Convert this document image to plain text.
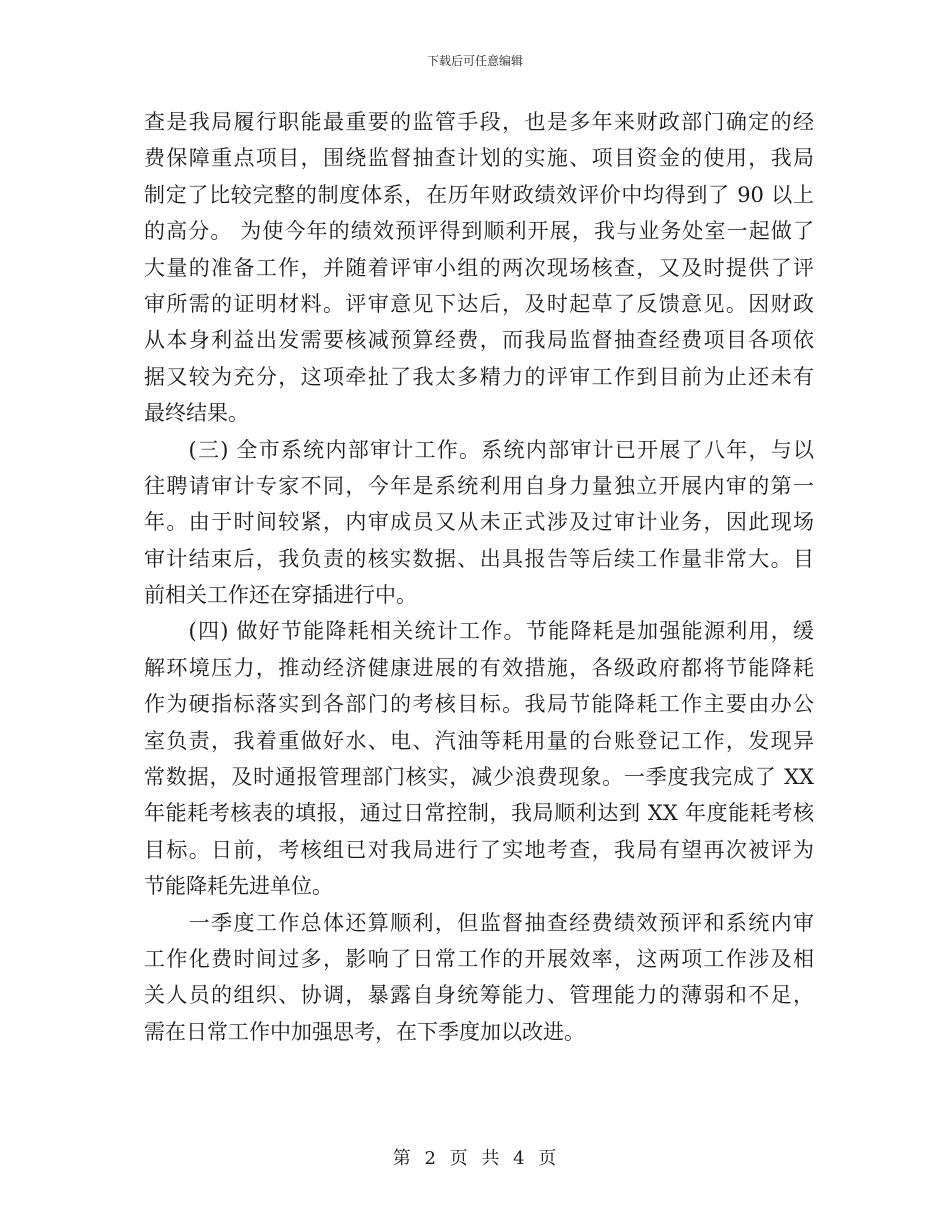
下载后可任意编辑
查是我局履行职能最重要的监管手段，也是多年来财政部门确定的经
费保障重点项目，围绕监督抽查计划的实施、项目资金的使用，我局
制定了比较完整的制度体系，在历年财政绩效评价中均得到了 90 以上
的高分。 为使今年的绩效预评得到顺利开展，我与业务处室一起做了
大量的准备工作，并随着评审小组的两次现场核查，又及时提供了评
审所需的证明材料。评审意见下达后，及时起草了反馈意见。因财政
从本身利益出发需要核减预算经费，而我局监督抽查经费项目各项依
据又较为充分，这项牵扯了我太多精力的评审工作到目前为止还未有
最终结果。
　　(三) 全市系统内部审计工作。系统内部审计已开展了八年，与以
往聘请审计专家不同，今年是系统利用自身力量独立开展内审的第一
年。由于时间较紧，内审成员又从未正式涉及过审计业务，因此现场
审计结束后，我负责的核实数据、出具报告等后续工作量非常大。目
前相关工作还在穿插进行中。
　　(四) 做好节能降耗相关统计工作。节能降耗是加强能源利用，缓
解环境压力，推动经济健康进展的有效措施，各级政府都将节能降耗
作为硬指标落实到各部门的考核目标。我局节能降耗工作主要由办公
室负责，我着重做好水、电、汽油等耗用量的台账登记工作，发现异
常数据，及时通报管理部门核实，减少浪费现象。一季度我完成了 XX
年能耗考核表的填报，通过日常控制，我局顺利达到 XX 年度能耗考核
目标。日前，考核组已对我局进行了实地考查，我局有望再次被评为
节能降耗先进单位。
　　一季度工作总体还算顺利，但监督抽查经费绩效预评和系统内审
工作化费时间过多，影响了日常工作的开展效率，这两项工作涉及相
关人员的组织、协调，暴露自身统筹能力、管理能力的薄弱和不足，
需在日常工作中加强思考，在下季度加以改进。
第 2 页 共 4 页
